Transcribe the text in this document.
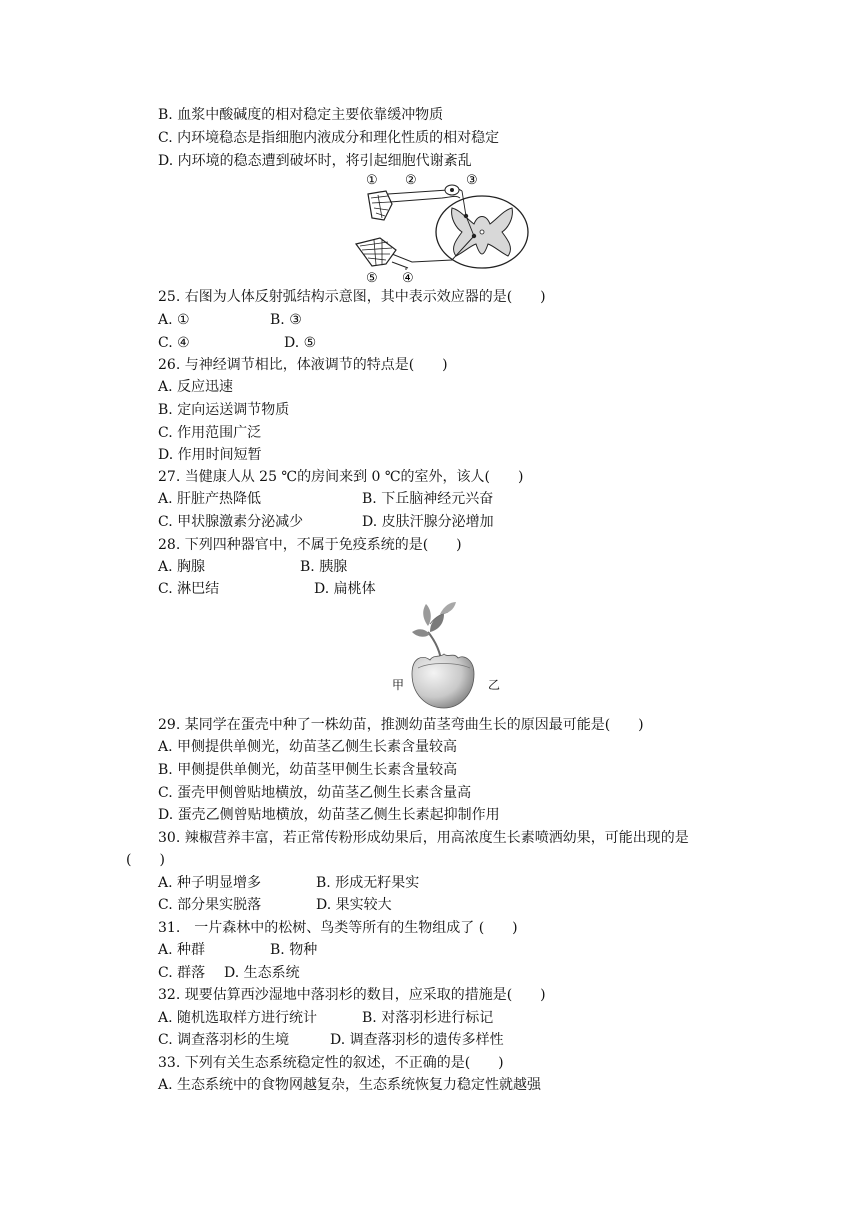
B. 血浆中酸碱度的相对稳定主要依靠缓冲物质
C. 内环境稳态是指细胞内液成分和理化性质的相对稳定
D. 内环境的稳态遭到破坏时，将引起细胞代谢紊乱
① ②	③
⑤ ④
25. 右图为人体反射弧结构示意图，其中表示效应器的是(　　)
A. ①	B. ③
C. ④	D. ⑤
26. 与神经调节相比，体液调节的特点是(　　)
A. 反应迅速
B. 定向运送调节物质
C. 作用范围广泛
D. 作用时间短暂
27. 当健康人从 25 ℃的房间来到 0 ℃的室外，该人(　　)
A. 肝脏产热降低	B. 下丘脑神经元兴奋
C. 甲状腺激素分泌减少	D. 皮肤汗腺分泌增加
28. 下列四种器官中，不属于免疫系统的是(　　)
A. 胸腺	B. 胰腺
C. 淋巴结	D. 扁桃体
甲	乙
29. 某同学在蛋壳中种了一株幼苗，推测幼苗茎弯曲生长的原因最可能是(　　)
A. 甲侧提供单侧光，幼苗茎乙侧生长素含量较高
B. 甲侧提供单侧光，幼苗茎甲侧生长素含量较高
C. 蛋壳甲侧曾贴地横放，幼苗茎乙侧生长素含量高
D. 蛋壳乙侧曾贴地横放，幼苗茎乙侧生长素起抑制作用
30. 辣椒营养丰富，若正常传粉形成幼果后，用高浓度生长素喷洒幼果，可能出现的是
(　　)
A. 种子明显增多	B. 形成无籽果实
C. 部分果实脱落	D. 果实较大
31.　一片森林中的松树、鸟类等所有的生物组成了 (　　)
A. 种群	B. 物种
C. 群落 D. 生态系统
32. 现要估算西沙湿地中落羽杉的数目，应采取的措施是(　　)
A. 随机选取样方进行统计	B. 对落羽杉进行标记
C. 调查落羽杉的生境	D. 调查落羽杉的遗传多样性
33. 下列有关生态系统稳定性的叙述，不正确的是(　　)
A. 生态系统中的食物网越复杂，生态系统恢复力稳定性就越强
